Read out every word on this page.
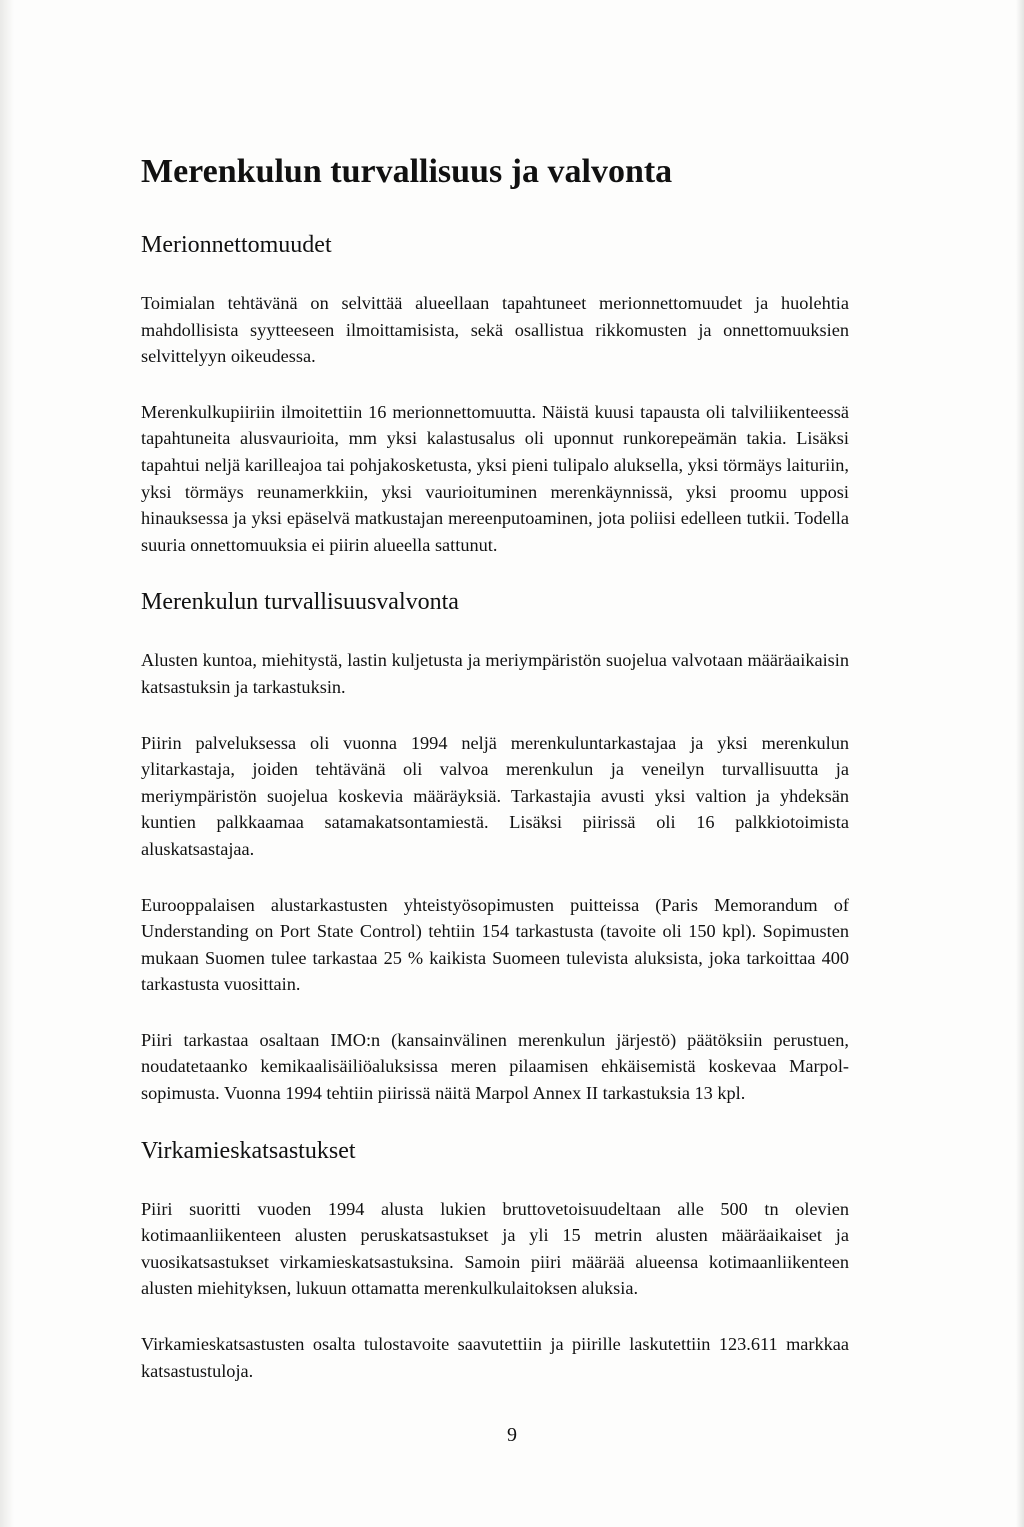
Merenkulun turvallisuus ja valvonta
Merionnettomuudet

Toimialan tehtävänä on selvittää alueellaan tapahtuneet merionnettomuudet ja huolehtia mahdollisista syytteeseen ilmoittamisista, sekä osallistua rikkomusten ja onnettomuuksien selvittelyyn oikeudessa.

Merenkulkupiiriin ilmoitettiin 16 merionnettomuutta. Näistä kuusi tapausta oli talviliikenteessä tapahtuneita alusvaurioita, mm yksi kalastusalus oli uponnut runkorepeämän takia. Lisäksi tapahtui neljä karilleajoa tai pohjakosketusta, yksi pieni tulipalo aluksella, yksi törmäys laituriin, yksi törmäys reunamerkkiin, yksi vaurioituminen merenkäynnissä, yksi proomu upposi hinauksessa ja yksi epäselvä matkustajan mereenputoaminen, jota poliisi edelleen tutkii. Todella suuria onnettomuuksia ei piirin alueella sattunut.

Merenkulun turvallisuusvalvonta

Alusten kuntoa, miehitystä, lastin kuljetusta ja meriympäristön suojelua valvotaan määräaikaisin katsastuksin ja tarkastuksin.

Piirin palveluksessa oli vuonna 1994 neljä merenkuluntarkastajaa ja yksi merenkulun ylitarkastaja, joiden tehtävänä oli valvoa merenkulun ja veneilyn turvallisuutta ja meriympäristön suojelua koskevia määräyksiä. Tarkastajia avusti yksi valtion ja yhdeksän kuntien palkkaamaa satamakatsontamiestä. Lisäksi piirissä oli 16 palkkiotoimista aluskatsastajaa.

Eurooppalaisen alustarkastusten yhteistyösopimusten puitteissa (Paris Memorandum of Understanding on Port State Control) tehtiin 154 tarkastusta (tavoite oli 150 kpl). Sopimusten mukaan Suomen tulee tarkastaa 25 % kaikista Suomeen tulevista aluksista, joka tarkoittaa 400 tarkastusta vuosittain.

Piiri tarkastaa osaltaan IMO:n (kansainvälinen merenkulun järjestö) päätöksiin perustuen, noudatetaanko kemikaalisäiliöaluksissa meren pilaamisen ehkäisemistä koskevaa Marpol-sopimusta. Vuonna 1994 tehtiin piirissä näitä Marpol Annex II tarkastuksia 13 kpl.

Virkamieskatsastukset

Piiri suoritti vuoden 1994 alusta lukien bruttovetoisuudeltaan alle 500 tn olevien kotimaanliikenteen alusten peruskatsastukset ja yli 15 metrin alusten määräaikaiset ja vuosikatsastukset virkamieskatsastuksina. Samoin piiri määrää alueensa kotimaanliikenteen alusten miehityksen, lukuun ottamatta merenkulkulaitoksen aluksia.

Virkamieskatsastusten osalta tulostavoite saavutettiin ja piirille laskutettiin 123.611 markkaa katsastustuloja.

9
